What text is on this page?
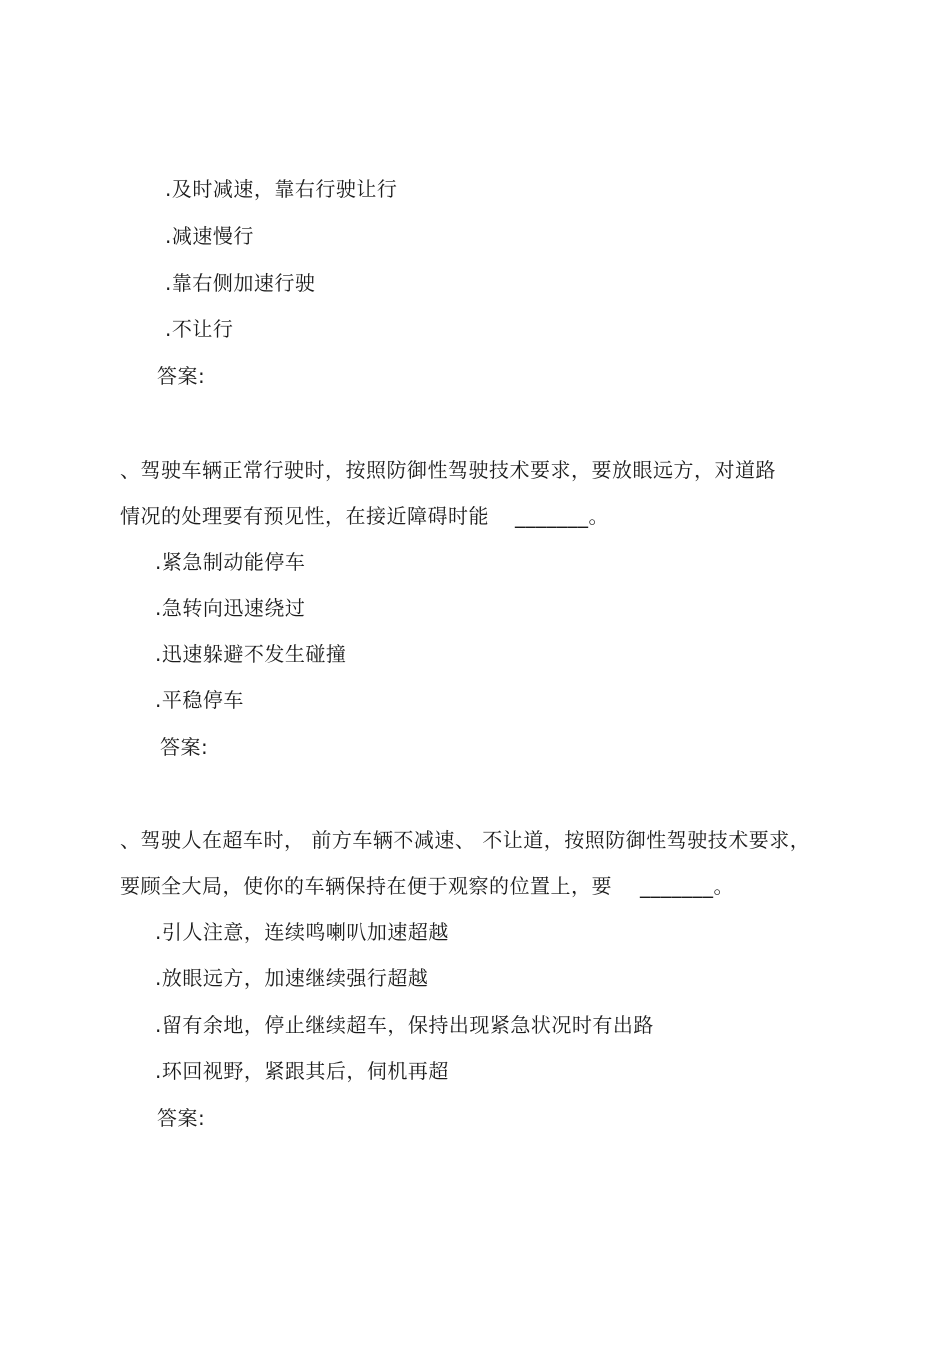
.及时减速，靠右行驶让行
.减速慢行
.靠右侧加速行驶
.不让行
答案:
、驾驶车辆正常行驶时，按照防御性驾驶技术要求，要放眼远方，对道路
情况的处理要有预见性，在接近障碍时能 _______。
.紧急制动能停车
.急转向迅速绕过
.迅速躲避不发生碰撞
.平稳停车
答案:
、驾驶人在超车时， 前方车辆不减速、 不让道，按照防御性驾驶技术要求，
要顾全大局，使你的车辆保持在便于观察的位置上，要 _______。
.引人注意，连续鸣喇叭加速超越
.放眼远方，加速继续强行超越
.留有余地，停止继续超车，保持出现紧急状况时有出路
.环回视野，紧跟其后，伺机再超
答案:
